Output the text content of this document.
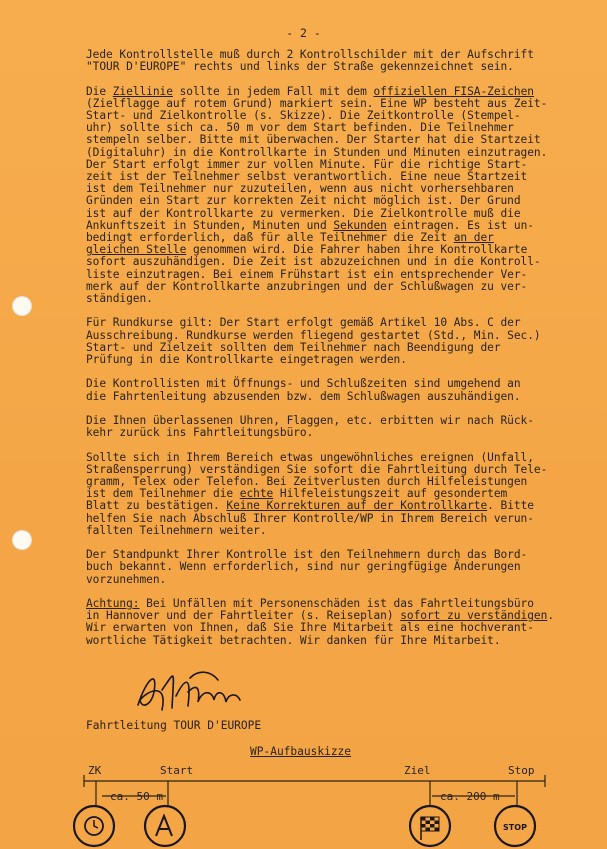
- 2 -
Jede Kontrollstelle muß durch 2 Kontrollschilder mit der Aufschrift
"TOUR D'EUROPE" rechts und links der Straße gekennzeichnet sein.
Die Ziellinie sollte in jedem Fall mit dem offiziellen FISA-Zeichen
(Zielflagge auf rotem Grund) markiert sein. Eine WP besteht aus Zeit-
Start- und Zielkontrolle (s. Skizze). Die Zeitkontrolle (Stempel-
uhr) sollte sich ca. 50 m vor dem Start befinden. Die Teilnehmer
stempeln selber. Bitte mit überwachen. Der Starter hat die Startzeit
(Digitaluhr) in die Kontrollkarte in Stunden und Minuten einzutragen.
Der Start erfolgt immer zur vollen Minute. Für die richtige Start-
zeit ist der Teilnehmer selbst verantwortlich. Eine neue Startzeit
ist dem Teilnehmer nur zuzuteilen, wenn aus nicht vorhersehbaren
Gründen ein Start zur korrekten Zeit nicht möglich ist. Der Grund
ist auf der Kontrollkarte zu vermerken. Die Zielkontrolle muß die
Ankunftszeit in Stunden, Minuten und Sekunden eintragen. Es ist un-
bedingt erforderlich, daß für alle Teilnehmer die Zeit an der
gleichen Stelle genommen wird. Die Fahrer haben ihre Kontrollkarte
sofort auszuhändigen. Die Zeit ist abzuzeichnen und in die Kontroll-
liste einzutragen. Bei einem Frühstart ist ein entsprechender Ver-
merk auf der Kontrollkarte anzubringen und der Schlußwagen zu ver-
ständigen.
Für Rundkurse gilt: Der Start erfolgt gemäß Artikel 10 Abs. C der
Ausschreibung. Rundkurse werden fliegend gestartet (Std., Min. Sec.)
Start- und Zielzeit sollten dem Teilnehmer nach Beendigung der
Prüfung in die Kontrollkarte eingetragen werden.
Die Kontrollisten mit Öffnungs- und Schlußzeiten sind umgehend an
die Fahrtenleitung abzusenden bzw. dem Schlußwagen auszuhändigen.
Die Ihnen überlassenen Uhren, Flaggen, etc. erbitten wir nach Rück-
kehr zurück ins Fahrtleitungsbüro.
Sollte sich in Ihrem Bereich etwas ungewöhnliches ereignen (Unfall,
Straßensperrung) verständigen Sie sofort die Fahrtleitung durch Tele-
gramm, Telex oder Telefon. Bei Zeitverlusten durch Hilfeleistungen
ist dem Teilnehmer die echte Hilfeleistungszeit auf gesondertem
Blatt zu bestätigen. Keine Korrekturen auf der Kontrollkarte. Bitte
helfen Sie nach Abschluß Ihrer Kontrolle/WP in Ihrem Bereich verun-
fallten Teilnehmern weiter.
Der Standpunkt Ihrer Kontrolle ist den Teilnehmern durch das Bord-
buch bekannt. Wenn erforderlich, sind nur geringfügige Änderungen
vorzunehmen.
Achtung: Bei Unfällen mit Personenschäden ist das Fahrtleitungsbüro
in Hannover und der Fahrtleiter (s. Reiseplan) sofort zu verständigen.
Wir erwarten von Ihnen, daß Sie Ihre Mitarbeit als eine hochverant-
wortliche Tätigkeit betrachten. Wir danken für Ihre Mitarbeit.
Fahrtleitung TOUR D'EUROPE
WP-Aufbauskizze
ZK	Start	Ziel	Stop
ca. 50 m	ca. 200 m
STOP
